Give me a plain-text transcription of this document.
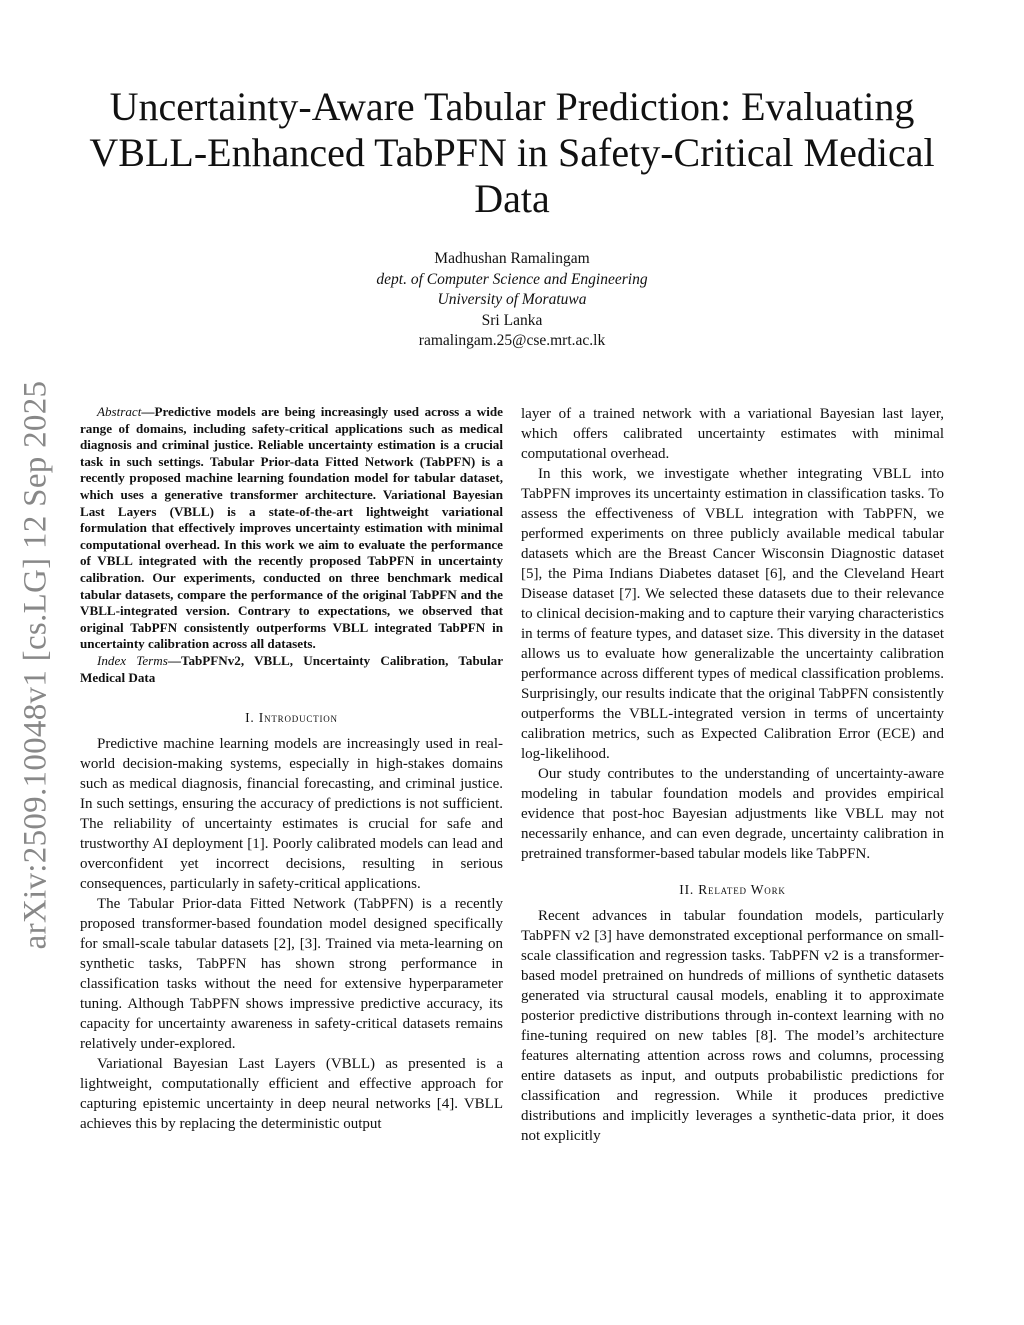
arXiv:2509.10048v1 [cs.LG] 12 Sep 2025
Uncertainty-Aware Tabular Prediction: Evaluating VBLL-Enhanced TabPFN in Safety-Critical Medical Data
Madhushan Ramalingam
dept. of Computer Science and Engineering
University of Moratuwa
Sri Lanka
ramalingam.25@cse.mrt.ac.lk

Abstract—Predictive models are being increasingly used across a wide range of domains, including safety-critical applications such as medical diagnosis and criminal justice. Reliable uncertainty estimation is a crucial task in such settings. Tabular Prior-data Fitted Network (TabPFN) is a recently proposed machine learning foundation model for tabular dataset, which uses a generative transformer architecture. Variational Bayesian Last Layers (VBLL) is a state-of-the-art lightweight variational formulation that effectively improves uncertainty estimation with minimal computational overhead. In this work we aim to evaluate the performance of VBLL integrated with the recently proposed TabPFN in uncertainty calibration. Our experiments, conducted on three benchmark medical tabular datasets, compare the performance of the original TabPFN and the VBLL-integrated version. Contrary to expectations, we observed that original TabPFN consistently outperforms VBLL integrated TabPFN in uncertainty calibration across all datasets.

Index Terms—TabPFNv2, VBLL, Uncertainty Calibration, Tabular Medical Data

I. Introduction

Predictive machine learning models are increasingly used in real-world decision-making systems, especially in high-stakes domains such as medical diagnosis, financial forecasting, and criminal justice. In such settings, ensuring the accuracy of predictions is not sufficient. The reliability of uncertainty estimates is crucial for safe and trustworthy AI deployment [1]. Poorly calibrated models can lead and overconfident yet incorrect decisions, resulting in serious consequences, particularly in safety-critical applications.

The Tabular Prior-data Fitted Network (TabPFN) is a recently proposed transformer-based foundation model designed specifically for small-scale tabular datasets [2], [3]. Trained via meta-learning on synthetic tasks, TabPFN has shown strong performance in classification tasks without the need for extensive hyperparameter tuning. Although TabPFN shows impressive predictive accuracy, its capacity for uncertainty awareness in safety-critical datasets remains relatively under-explored.

Variational Bayesian Last Layers (VBLL) as presented is a lightweight, computationally efficient and effective approach for capturing epistemic uncertainty in deep neural networks [4]. VBLL achieves this by replacing the deterministic output

layer of a trained network with a variational Bayesian last layer, which offers calibrated uncertainty estimates with minimal computational overhead.

In this work, we investigate whether integrating VBLL into TabPFN improves its uncertainty estimation in classification tasks. To assess the effectiveness of VBLL integration with TabPFN, we performed experiments on three publicly available medical tabular datasets which are the Breast Cancer Wisconsin Diagnostic dataset [5], the Pima Indians Diabetes dataset [6], and the Cleveland Heart Disease dataset [7]. We selected these datasets due to their relevance to clinical decision-making and to capture their varying characteristics in terms of feature types, and dataset size. This diversity in the dataset allows us to evaluate how generalizable the uncertainty calibration performance across different types of medical classification problems. Surprisingly, our results indicate that the original TabPFN consistently outperforms the VBLL-integrated version in terms of uncertainty calibration metrics, such as Expected Calibration Error (ECE) and log-likelihood.

Our study contributes to the understanding of uncertainty-aware modeling in tabular foundation models and provides empirical evidence that post-hoc Bayesian adjustments like VBLL may not necessarily enhance, and can even degrade, uncertainty calibration in pretrained transformer-based tabular models like TabPFN.

II. Related Work

Recent advances in tabular foundation models, particularly TabPFN v2 [3] have demonstrated exceptional performance on small-scale classification and regression tasks. TabPFN v2 is a transformer-based model pretrained on hundreds of millions of synthetic datasets generated via structural causal models, enabling it to approximate posterior predictive distributions through in-context learning with no fine-tuning required on new tables [8]. The model’s architecture features alternating attention across rows and columns, processing entire datasets as input, and outputs probabilistic predictions for classification and regression. While it produces predictive distributions and implicitly leverages a synthetic-data prior, it does not explicitly
